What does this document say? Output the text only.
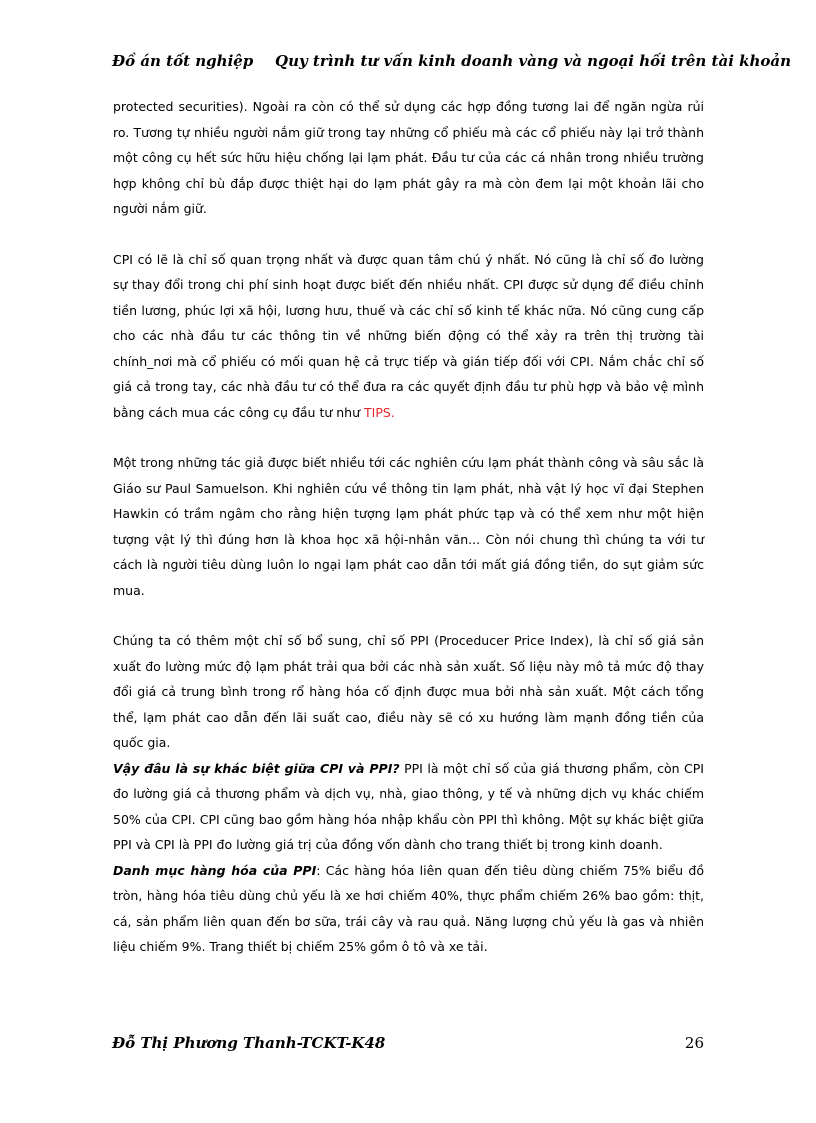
Đồ án tốt nghiệp Quy trình tư vấn kinh doanh vàng và ngoại hối trên tài khoản

protected securities). Ngoài ra còn có thể sử dụng các hợp đồng tương lai để ngăn ngừa rủi ro. Tương tự nhiều người nắm giữ trong tay những cổ phiếu mà các cổ phiếu này lại trở thành một công cụ hết sức hữu hiệu chống lại lạm phát. Đầu tư của các cá nhân trong nhiều trường hợp không chỉ bù đắp được thiệt hại do lạm phát gây ra mà còn đem lại một khoản lãi cho người nắm giữ.

CPI có lẽ là chỉ số quan trọng nhất và được quan tâm chú ý nhất. Nó cũng là chỉ số đo lường sự thay đổi trong chi phí sinh hoạt được biết đến nhiều nhất. CPI được sử dụng để điều chỉnh tiền lương, phúc lợi xã hội, lương hưu, thuế và các chỉ số kinh tế khác nữa. Nó cũng cung cấp cho các nhà đầu tư các thông tin về những biến động có thể xảy ra trên thị trường tài chính_nơi mà cổ phiếu có mối quan hệ cả trực tiếp và gián tiếp đối với CPI. Nắm chắc chỉ số giá cả trong tay, các nhà đầu tư có thể đưa ra các quyết định đầu tư phù hợp và bảo vệ mình bằng cách mua các công cụ đầu tư như TIPS.

Một trong những tác giả được biết nhiều tới các nghiên cứu lạm phát thành công và sâu sắc là Giáo sư Paul Samuelson. Khi nghiên cứu về thông tin lạm phát, nhà vật lý học vĩ đại Stephen Hawkin có trầm ngâm cho rằng hiện tượng lạm phát phức tạp và có thể xem như một hiện tượng vật lý thì đúng hơn là khoa học xã hội-nhân văn... Còn nói chung thì chúng ta với tư cách là người tiêu dùng luôn lo ngại lạm phát cao dẫn tới mất giá đồng tiền, do sụt giảm sức mua.

Chúng ta có thêm một chỉ số bổ sung, chỉ số PPI (Proceducer Price Index), là chỉ số giá sản xuất đo lường mức độ lạm phát trải qua bởi các nhà sản xuất. Số liệu này mô tả mức độ thay đổi giá cả trung bình trong rổ hàng hóa cố định được mua bởi nhà sản xuất. Một cách tổng thể, lạm phát cao dẫn đến lãi suất cao, điều này sẽ có xu hướng làm mạnh đồng tiền của quốc gia.

Vậy đâu là sự khác biệt giữa CPI và PPI? PPI là một chỉ số của giá thương phẩm, còn CPI đo lường giá cả thương phẩm và dịch vụ, nhà, giao thông, y tế và những dịch vụ khác chiếm 50% của CPI. CPI cũng bao gồm hàng hóa nhập khẩu còn PPI thì không. Một sự khác biệt giữa PPI và CPI là PPI đo lường giá trị của đồng vốn dành cho trang thiết bị trong kinh doanh.

Danh mục hàng hóa của PPI: Các hàng hóa liên quan đến tiêu dùng chiếm 75% biểu đồ tròn, hàng hóa tiêu dùng chủ yếu là xe hơi chiếm 40%, thực phẩm chiếm 26% bao gồm: thịt, cá, sản phẩm liên quan đến bơ sữa, trái cây và rau quả. Năng lượng chủ yếu là gas và nhiên liệu chiếm 9%. Trang thiết bị chiếm 25% gồm ô tô và xe tải.

Đỗ Thị Phương Thanh-TCKT-K48	26
